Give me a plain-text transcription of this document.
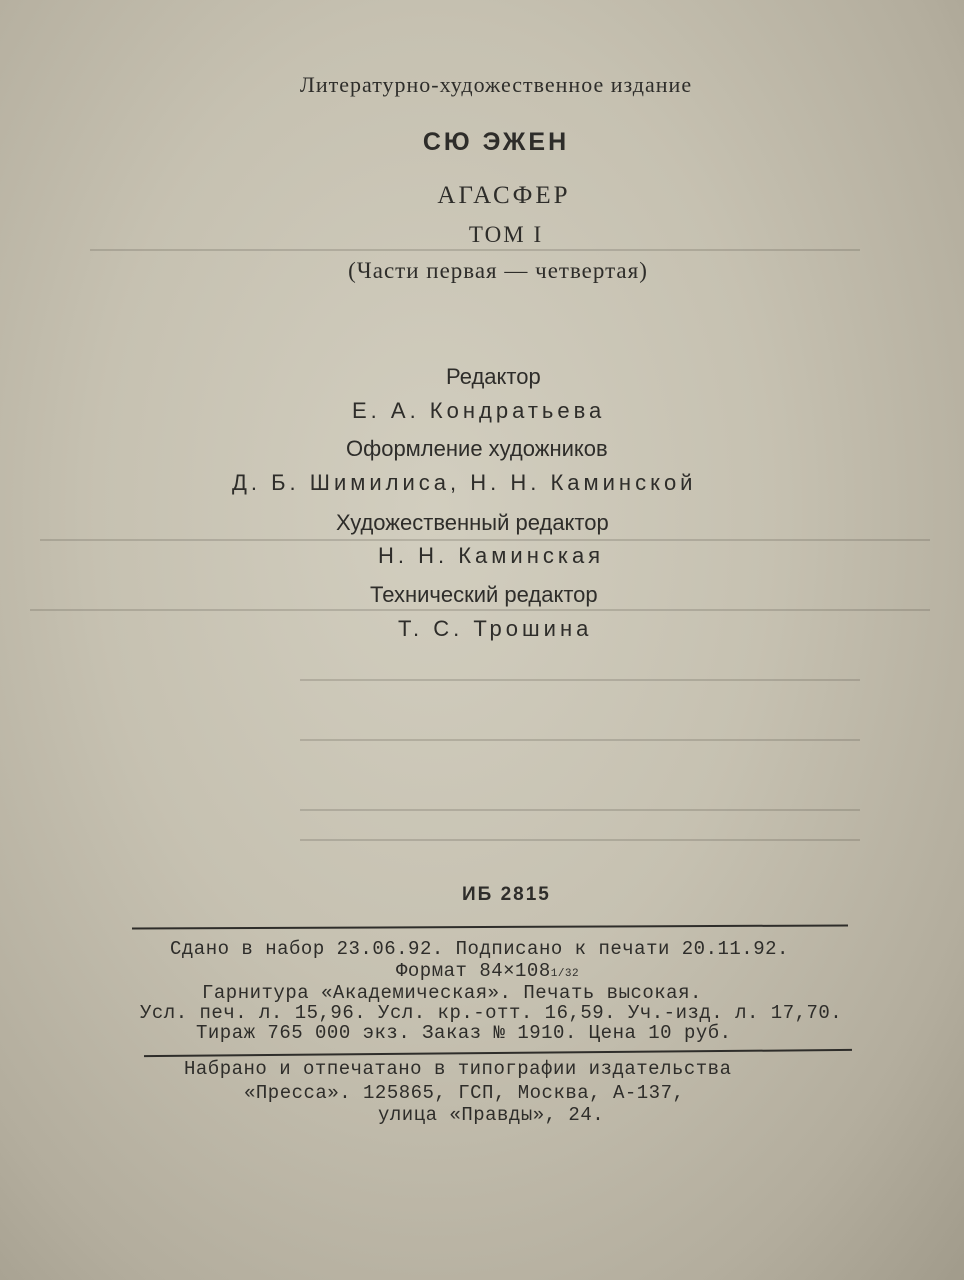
Литературно-художественное издание
СЮ ЭЖЕН
АГАСФЕР
ТОМ I
(Части первая — четвертая)
Редактор
Е. А. Кондратьева
Оформление художников
Д. Б. Шимилиса, Н. Н. Каминской
Художественный редактор
Н. Н. Каминская
Технический редактор
Т. С. Трошина
ИБ 2815
Сдано в набор 23.06.92. Подписано к печати 20.11.92.
Формат 84×1081/32
Гарнитура «Академическая». Печать высокая.
Усл. печ. л. 15,96. Усл. кр.-отт. 16,59. Уч.-изд. л. 17,70.
Тираж 765 000 экз. Заказ № 1910. Цена 10 руб.
Набрано и отпечатано в типографии издательства
«Пресса». 125865, ГСП, Москва, А-137,
улица «Правды», 24.
